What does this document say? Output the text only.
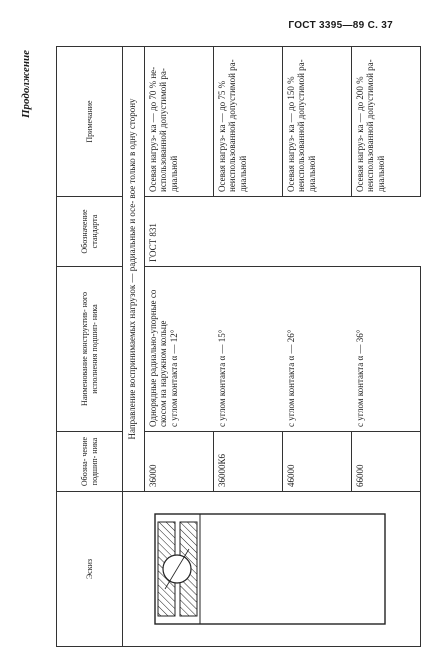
ГОСТ 3395—89 С. 37
Продолжение
Эскиз	Обозна- чение подшип- ника	Наименование конструктив- ного исполнения подшип- ника	Обозначение стандарта	Примечание
	Направление воспринимаемых нагрузок — радиальные и осе- вое только в одну сторону			
	36000	Однорядные радиально-упорные со скосом на наружном кольце
с углом контакта α — 12°	ГОСТ 831	Осевая нагруз- ка — до 70 % не- использованной допустимой ра- диальной
	36000К6	с углом контакта α — 15°		Осевая нагруз- ка — до 75 % неиспользованной допустимой ра- диальной
	46000	с углом контакта α — 26°		Осевая нагруз- ка — до 150 % неиспользованной допустимой ра- диальной
	66000	с углом контакта α — 36°		Осевая нагруз- ка — до 200 % неиспользованной допустимой ра- диальной
